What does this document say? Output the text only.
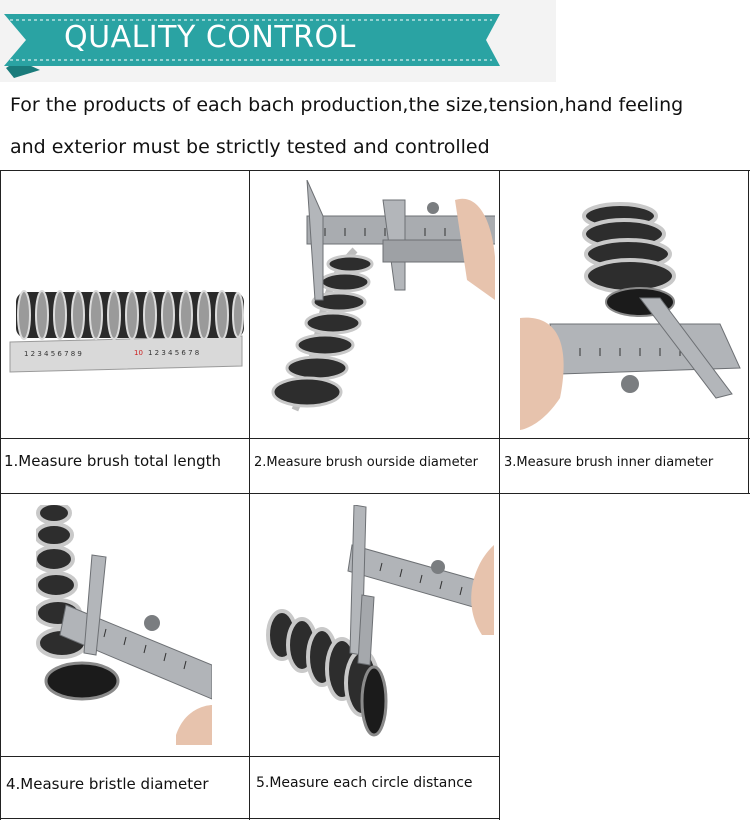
QUALITY CONTROL
For the products of each bach production,the size,tension,hand feeling
and exterior must be strictly tested and controlled
1 2 3 4 5 6 7 8 9	10 1 2 3 4 5 6 7 8
1.Measure brush total length	2.Measure brush ourside diameter	3.Measure brush inner diameter
4.Measure bristle diameter	5.Measure each circle distance
